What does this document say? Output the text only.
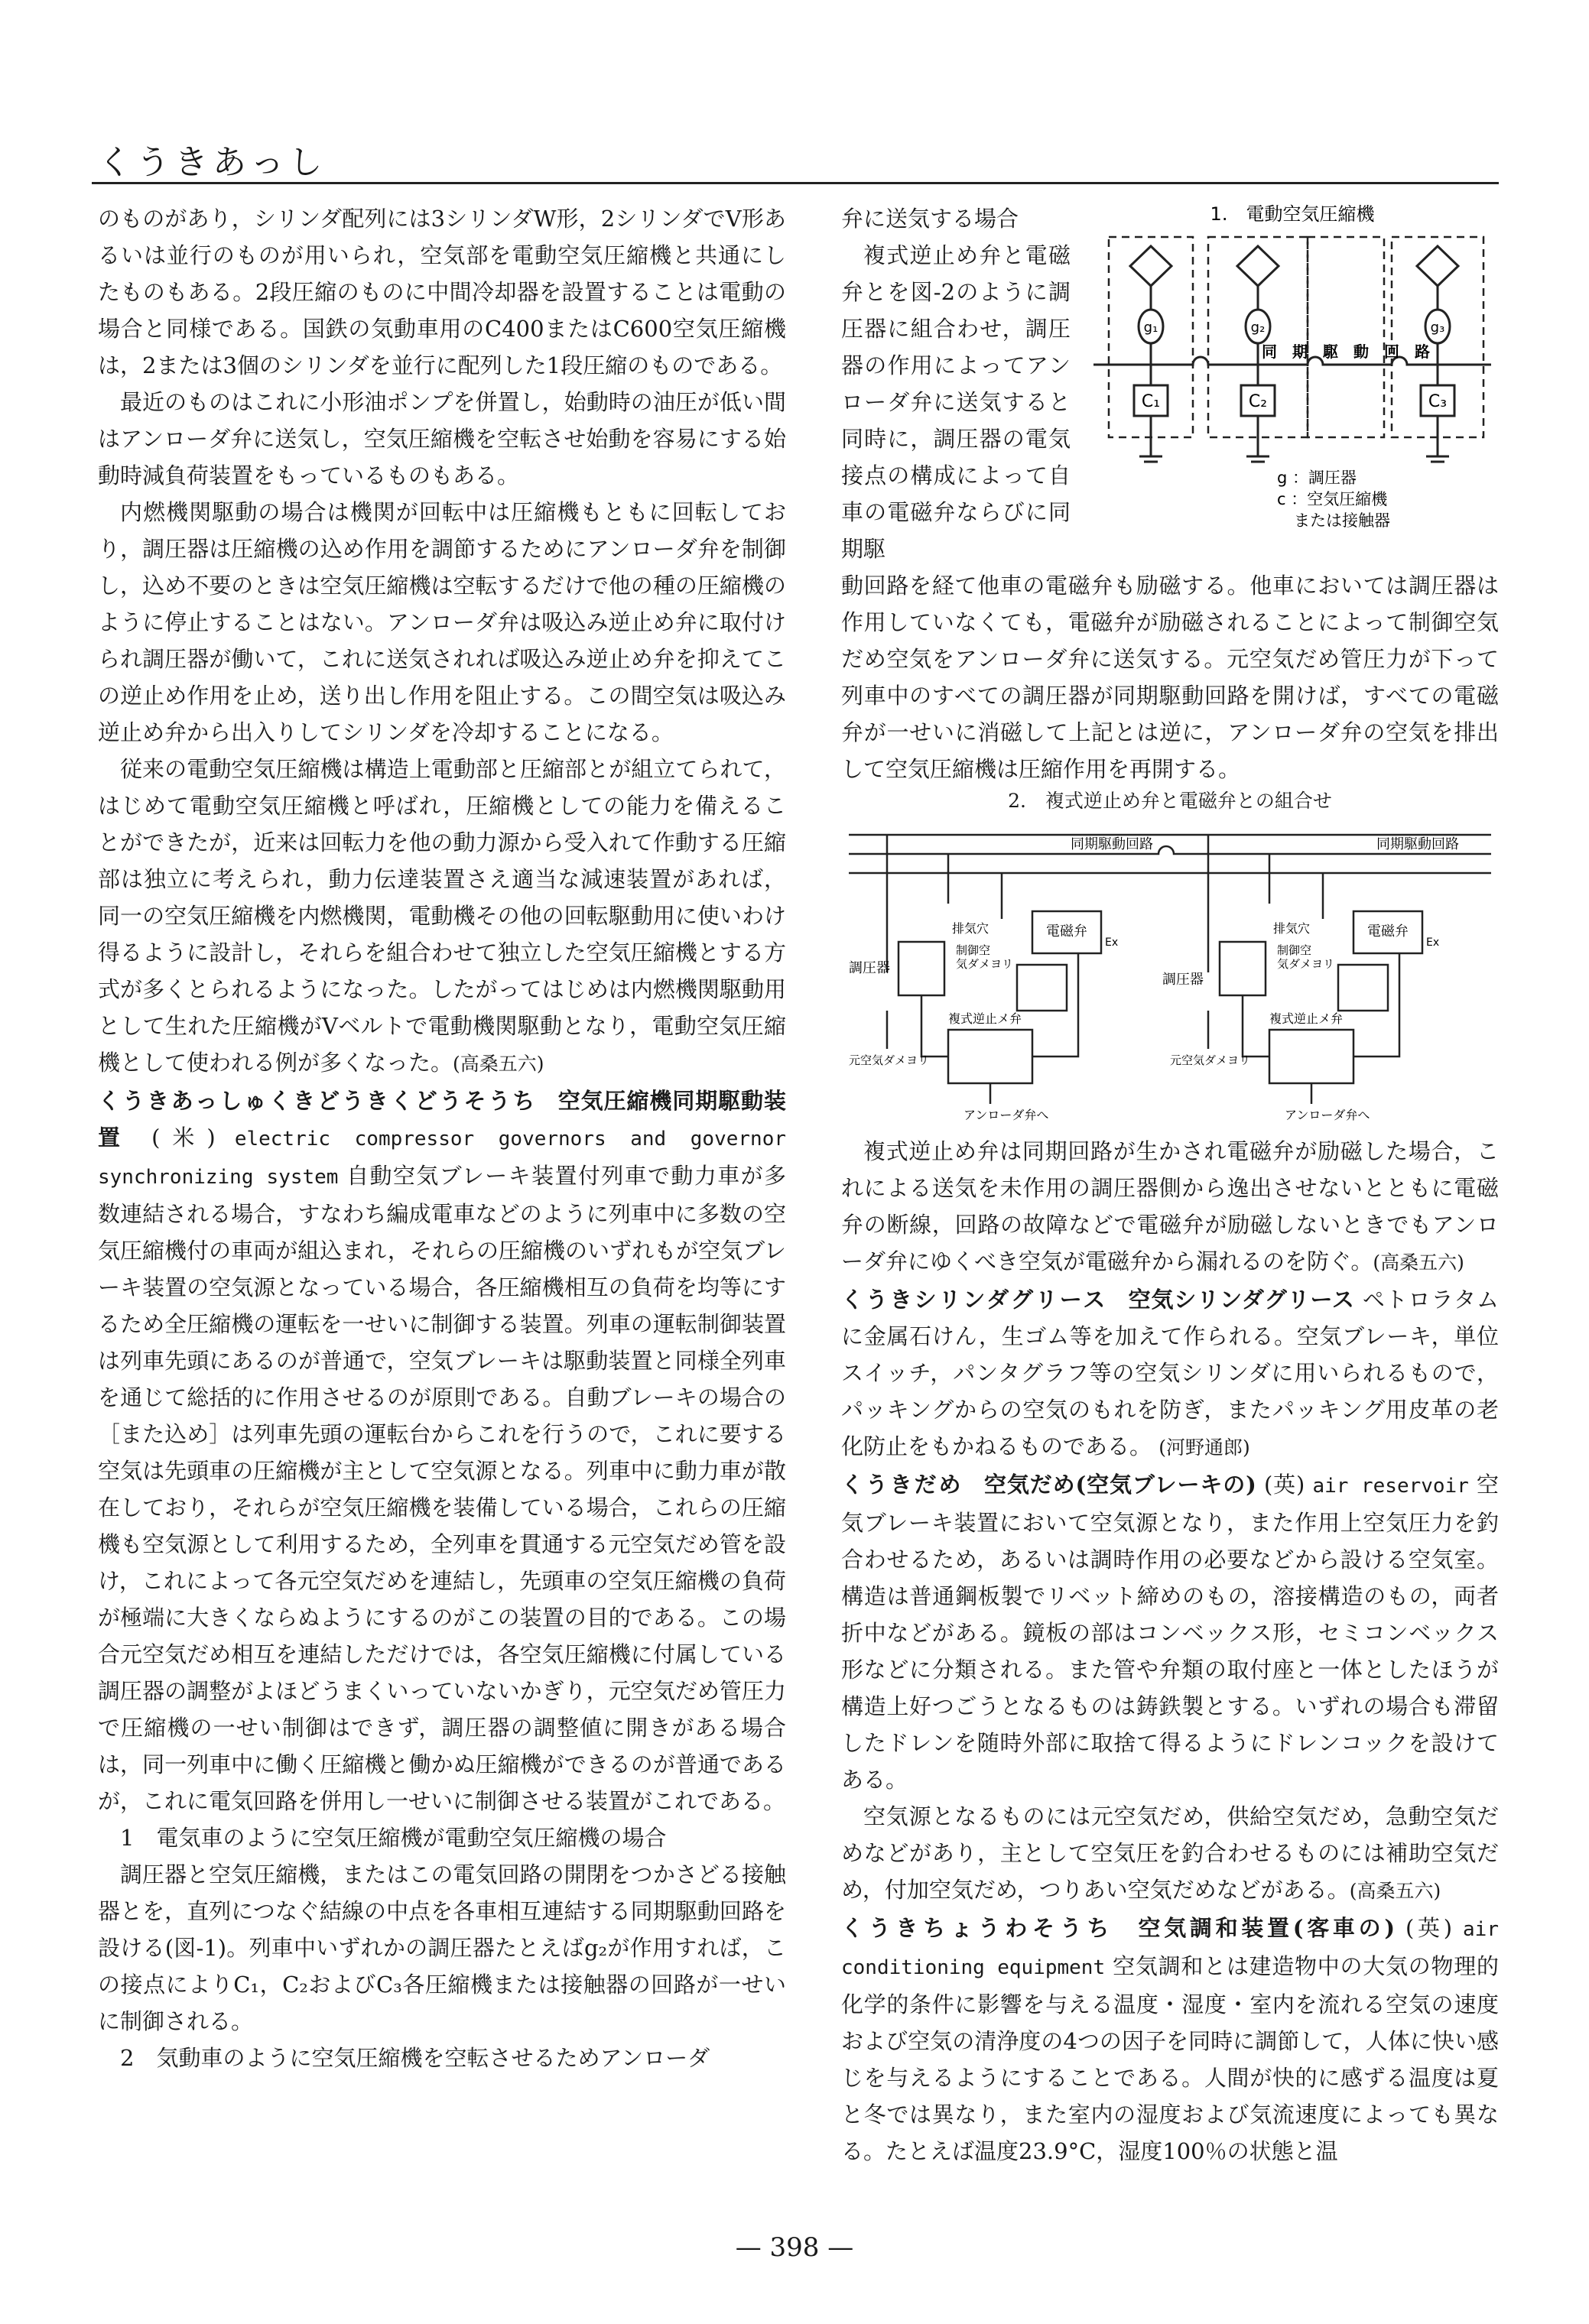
くうきあっし

のものがあり，シリンダ配列には3シリンダW形，2シリンダでV形あるいは並行のものが用いられ，空気部を電動空気圧縮機と共通にしたものもある。2段圧縮のものに中間冷却器を設置することは電動の場合と同様である。国鉄の気動車用のC400またはC600空気圧縮機は，2または3個のシリンダを並行に配列した1段圧縮のものである。

最近のものはこれに小形油ポンプを併置し，始動時の油圧が低い間はアンローダ弁に送気し，空気圧縮機を空転させ始動を容易にする始動時減負荷装置をもっているものもある。

内燃機関駆動の場合は機関が回転中は圧縮機もともに回転しており，調圧器は圧縮機の込め作用を調節するためにアンローダ弁を制御し，込め不要のときは空気圧縮機は空転するだけで他の種の圧縮機のように停止することはない。アンローダ弁は吸込み逆止め弁に取付けられ調圧器が働いて，これに送気されれば吸込み逆止め弁を抑えてこの逆止め作用を止め，送り出し作用を阻止する。この間空気は吸込み逆止め弁から出入りしてシリンダを冷却することになる。

従来の電動空気圧縮機は構造上電動部と圧縮部とが組立てられて，はじめて電動空気圧縮機と呼ばれ，圧縮機としての能力を備えることができたが，近来は回転力を他の動力源から受入れて作動する圧縮部は独立に考えられ，動力伝達装置さえ適当な減速装置があれば，同一の空気圧縮機を内燃機関，電動機その他の回転駆動用に使いわけ得るように設計し，それらを組合わせて独立した空気圧縮機とする方式が多くとられるようになった。したがってはじめは内燃機関駆動用として生れた圧縮機がVベルトで電動機関駆動となり，電動空気圧縮機として使われる例が多くなった。(高桑五六)

くうきあっしゅくきどうきくどうそうち 空気圧縮機同期駆動装置 (米) electric compressor governors and governor synchronizing system 自動空気ブレーキ装置付列車で動力車が多数連結される場合，すなわち編成電車などのように列車中に多数の空気圧縮機付の車両が組込まれ，それらの圧縮機のいずれもが空気ブレーキ装置の空気源となっている場合，各圧縮機相互の負荷を均等にするため全圧縮機の運転を一せいに制御する装置。列車の運転制御装置は列車先頭にあるのが普通で，空気ブレーキは駆動装置と同様全列車を通じて総括的に作用させるのが原則である。自動ブレーキの場合の［また込め］は列車先頭の運転台からこれを行うので，これに要する空気は先頭車の圧縮機が主として空気源となる。列車中に動力車が散在しており，それらが空気圧縮機を装備している場合，これらの圧縮機も空気源として利用するため，全列車を貫通する元空気だめ管を設け，これによって各元空気だめを連結し，先頭車の空気圧縮機の負荷が極端に大きくならぬようにするのがこの装置の目的である。この場合元空気だめ相互を連結しただけでは，各空気圧縮機に付属している調圧器の調整がよほどうまくいっていないかぎり，元空気だめ管圧力で圧縮機の一せい制御はできず，調圧器の調整値に開きがある場合は，同一列車中に働く圧縮機と働かぬ圧縮機ができるのが普通であるが，これに電気回路を併用し一せいに制御させる装置がこれである。

1　電気車のように空気圧縮機が電動空気圧縮機の場合

調圧器と空気圧縮機，またはこの電気回路の開閉をつかさどる接触器とを，直列につなぐ結線の中点を各車相互連結する同期駆動回路を設ける(図-1)。列車中いずれかの調圧器たとえばg₂が作用すれば，この接点によりC₁，C₂およびC₃各圧縮機または接触器の回路が一せいに制御される。

2　気動車のように空気圧縮機を空転させるためアンローダ

弁に送気する場合

複式逆止め弁と電磁弁とを図-2のように調圧器に組合わせ，調圧器の作用によってアンローダ弁に送気すると同時に，調圧器の電気接点の構成によって自車の電磁弁ならびに同期駆

1.　電動空気圧縮機
同　期　駆　動　回　路
g₁	g₂	g₃
C₁	C₂	C₃
g ：調圧器
c ：空気圧縮機
または接触器

動回路を経て他車の電磁弁も励磁する。他車においては調圧器は作用していなくても，電磁弁が励磁されることによって制御空気だめ空気をアンローダ弁に送気する。元空気だめ管圧力が下って列車中のすべての調圧器が同期駆動回路を開けば，すべての電磁弁が一せいに消磁して上記とは逆に，アンローダ弁の空気を排出して空気圧縮機は圧縮作用を再開する。

2.　複式逆止め弁と電磁弁との組合せ
同期駆動回路	同期駆動回路
電磁弁	電磁弁
調圧器
調圧器
排気穴	排気穴
制御空
気ダメヨリ
制御空
気ダメヨリ
複式逆止メ弁	複式逆止メ弁
元空気ダメヨリ	元空気ダメヨリ
アンローダ弁へ	アンローダ弁へ
Ex	Ex

複式逆止め弁は同期回路が生かされ電磁弁が励磁した場合，これによる送気を未作用の調圧器側から逸出させないとともに電磁弁の断線，回路の故障などで電磁弁が励磁しないときでもアンローダ弁にゆくべき空気が電磁弁から漏れるのを防ぐ。(高桑五六)

くうきシリンダグリース 空気シリンダグリース ペトロラタムに金属石けん，生ゴム等を加えて作られる。空気ブレーキ，単位スイッチ，パンタグラフ等の空気シリンダに用いられるもので，パッキングからの空気のもれを防ぎ，またパッキング用皮革の老化防止をもかねるものである。 (河野通郎)

くうきだめ 空気だめ(空気ブレーキの) (英) air reservoir 空気ブレーキ装置において空気源となり，また作用上空気圧力を釣合わせるため，あるいは調時作用の必要などから設ける空気室。構造は普通鋼板製でリベット締めのもの，溶接構造のもの，両者折中などがある。鏡板の部はコンベックス形，セミコンベックス形などに分類される。また管や弁類の取付座と一体としたほうが構造上好つごうとなるものは鋳鉄製とする。いずれの場合も滞留したドレンを随時外部に取捨て得るようにドレンコックを設けてある。

空気源となるものには元空気だめ，供給空気だめ，急動空気だめなどがあり，主として空気圧を釣合わせるものには補助空気だめ，付加空気だめ，つりあい空気だめなどがある。(高桑五六)

くうきちょうわそうち 空気調和装置(客車の) (英) air conditioning equipment 空気調和とは建造物中の大気の物理的化学的条件に影響を与える温度・湿度・室内を流れる空気の速度および空気の清浄度の4つの因子を同時に調節して，人体に快い感じを与えるようにすることである。人間が快的に感ずる温度は夏と冬では異なり，また室内の湿度および気流速度によっても異なる。たとえば温度23.9°C，湿度100％の状態と温

— 398 —
